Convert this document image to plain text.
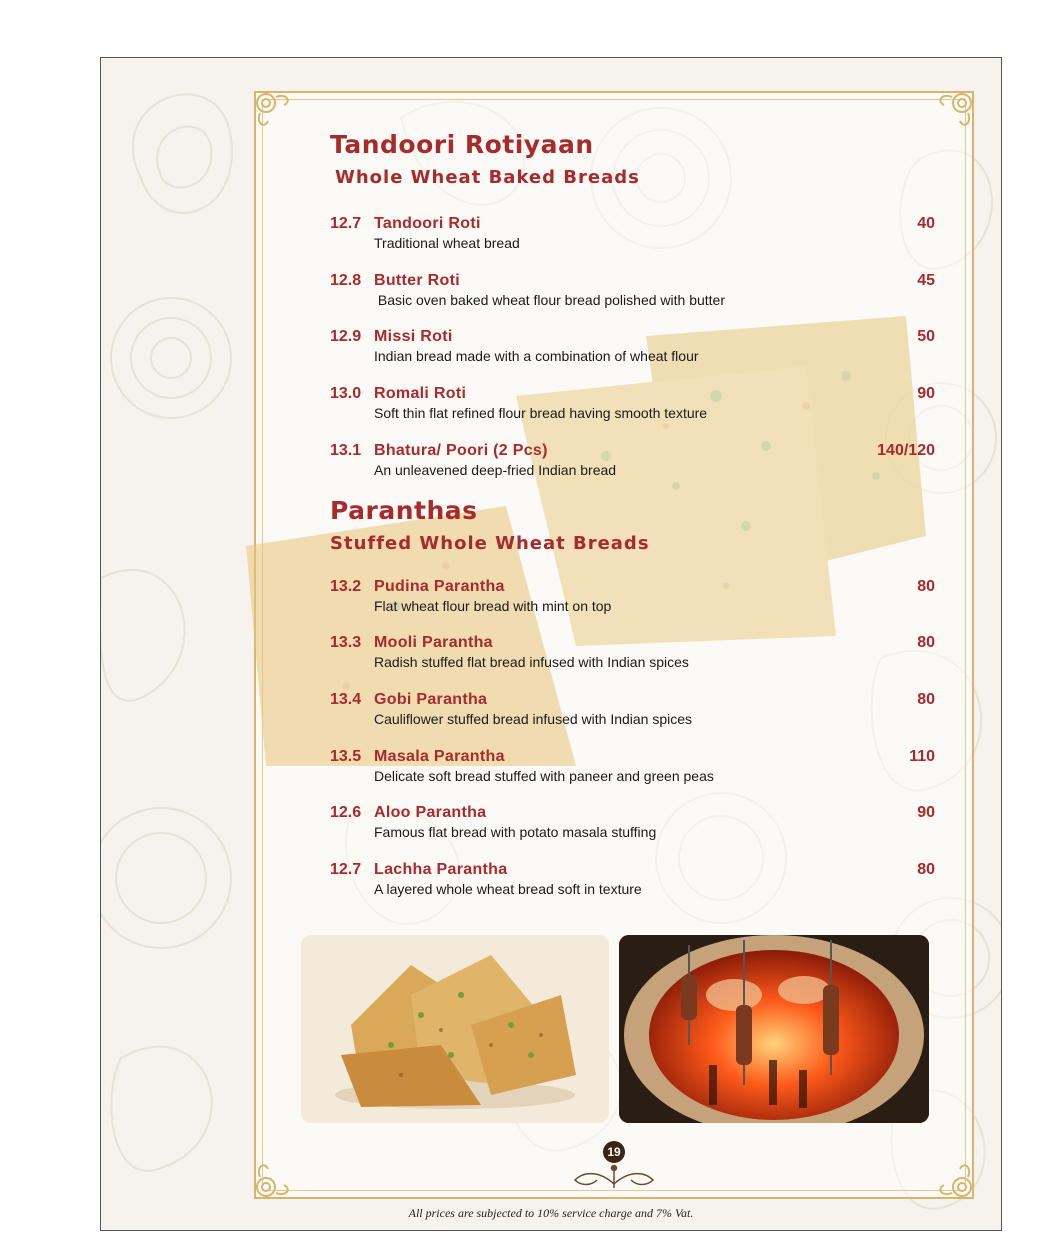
Tandoori Rotiyaan
Whole Wheat Baked Breads
12.7 Tandoori Roti	40
Traditional wheat bread
12.8 Butter Roti	45
Basic oven baked wheat flour bread polished with butter
12.9 Missi Roti	50
Indian bread made with a combination of wheat flour
13.0 Romali Roti	90
Soft thin flat refined flour bread having smooth texture
13.1 Bhatura/ Poori (2 Pcs)	140/120
An unleavened deep-fried Indian bread
Paranthas
Stuffed Whole Wheat Breads
13.2 Pudina Parantha	80
Flat wheat flour bread with mint on top
13.3 Mooli Parantha	80
Radish stuffed flat bread infused with Indian spices
13.4 Gobi Parantha	80
Cauliflower stuffed bread infused with Indian spices
13.5 Masala Parantha	110
Delicate soft bread stuffed with paneer and green peas
12.6 Aloo Parantha	90
Famous flat bread with potato masala stuffing
12.7 Lachha Parantha	80
A layered whole wheat bread soft in texture
19
All prices are subjected to 10% service charge and 7% Vat.
